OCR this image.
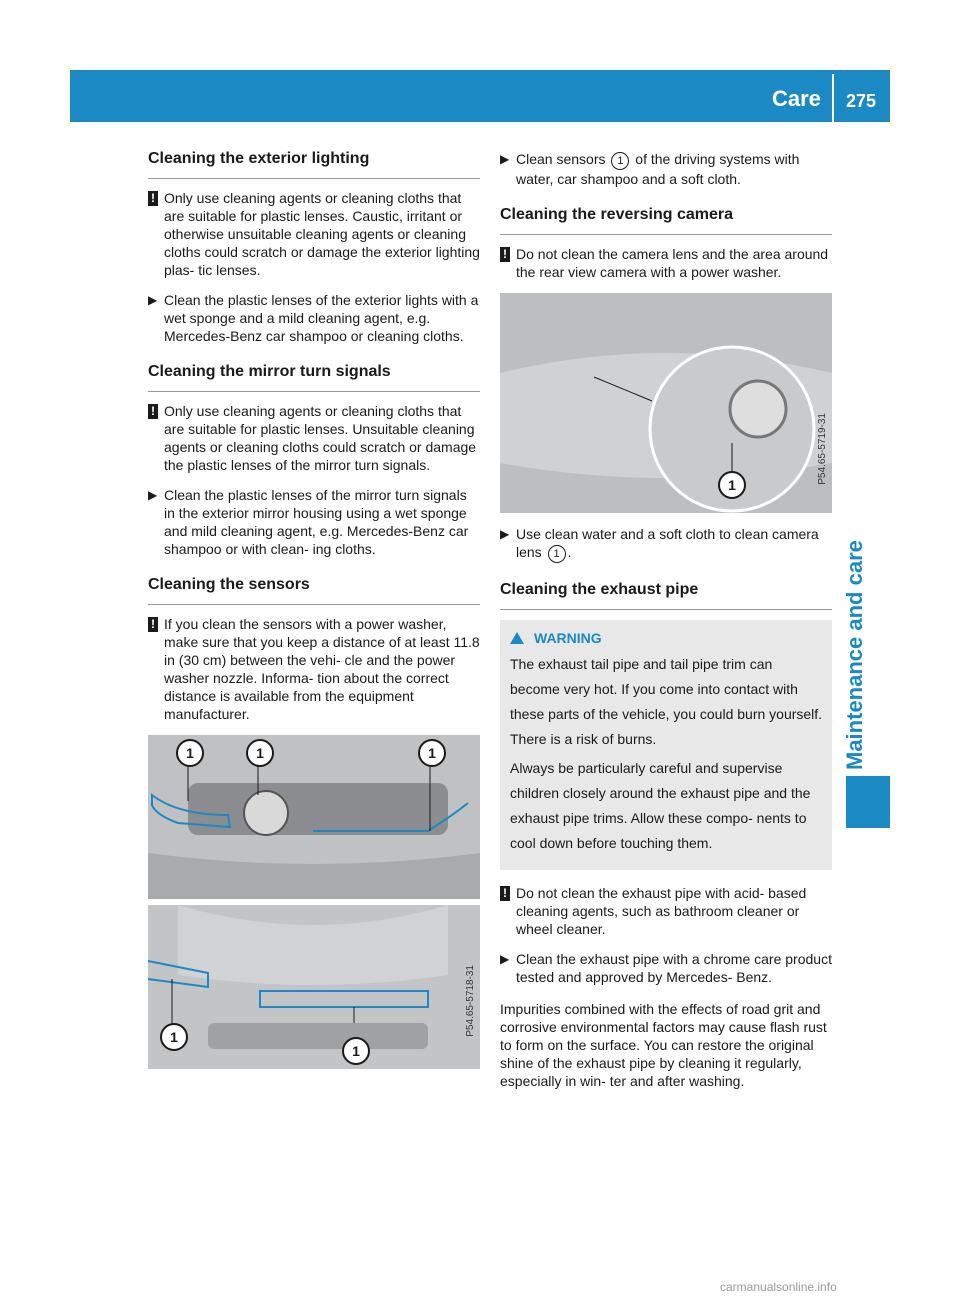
Care 275
Maintenance and care
Cleaning the exterior lighting
! Only use cleaning agents or cleaning cloths that are suitable for plastic lenses. Caustic, irritant or otherwise unsuitable cleaning agents or cleaning cloths could scratch or damage the exterior lighting plas- tic lenses.
▶ Clean the plastic lenses of the exterior lights with a wet sponge and a mild cleaning agent, e.g. Mercedes-Benz car shampoo or cleaning cloths.
Cleaning the mirror turn signals
! Only use cleaning agents or cleaning cloths that are suitable for plastic lenses. Unsuitable cleaning agents or cleaning cloths could scratch or damage the plastic lenses of the mirror turn signals.
▶ Clean the plastic lenses of the mirror turn signals in the exterior mirror housing using a wet sponge and mild cleaning agent, e.g. Mercedes-Benz car shampoo or with clean- ing cloths.
Cleaning the sensors
! If you clean the sensors with a power washer, make sure that you keep a distance of at least 11.8 in (30 cm) between the vehi- cle and the power washer nozzle. Informa- tion about the correct distance is available from the equipment manufacturer.
1	1	1
1
1
P54.65-5718-31
▶ Clean sensors 1 of the driving systems with water, car shampoo and a soft cloth.
Cleaning the reversing camera
! Do not clean the camera lens and the area around the rear view camera with a power washer.
1
P54.65-5719-31
▶ Use clean water and a soft cloth to clean camera lens 1 .
Cleaning the exhaust pipe
WARNING

The exhaust tail pipe and tail pipe trim can become very hot. If you come into contact with these parts of the vehicle, you could burn yourself. There is a risk of burns.

Always be particularly careful and supervise children closely around the exhaust pipe and the exhaust pipe trims. Allow these compo- nents to cool down before touching them.

! Do not clean the exhaust pipe with acid- based cleaning agents, such as bathroom cleaner or wheel cleaner.
▶ Clean the exhaust pipe with a chrome care product tested and approved by Mercedes- Benz.

Impurities combined with the effects of road grit and corrosive environmental factors may cause flash rust to form on the surface. You can restore the original shine of the exhaust pipe by cleaning it regularly, especially in win- ter and after washing.

carmanualsonline.info
